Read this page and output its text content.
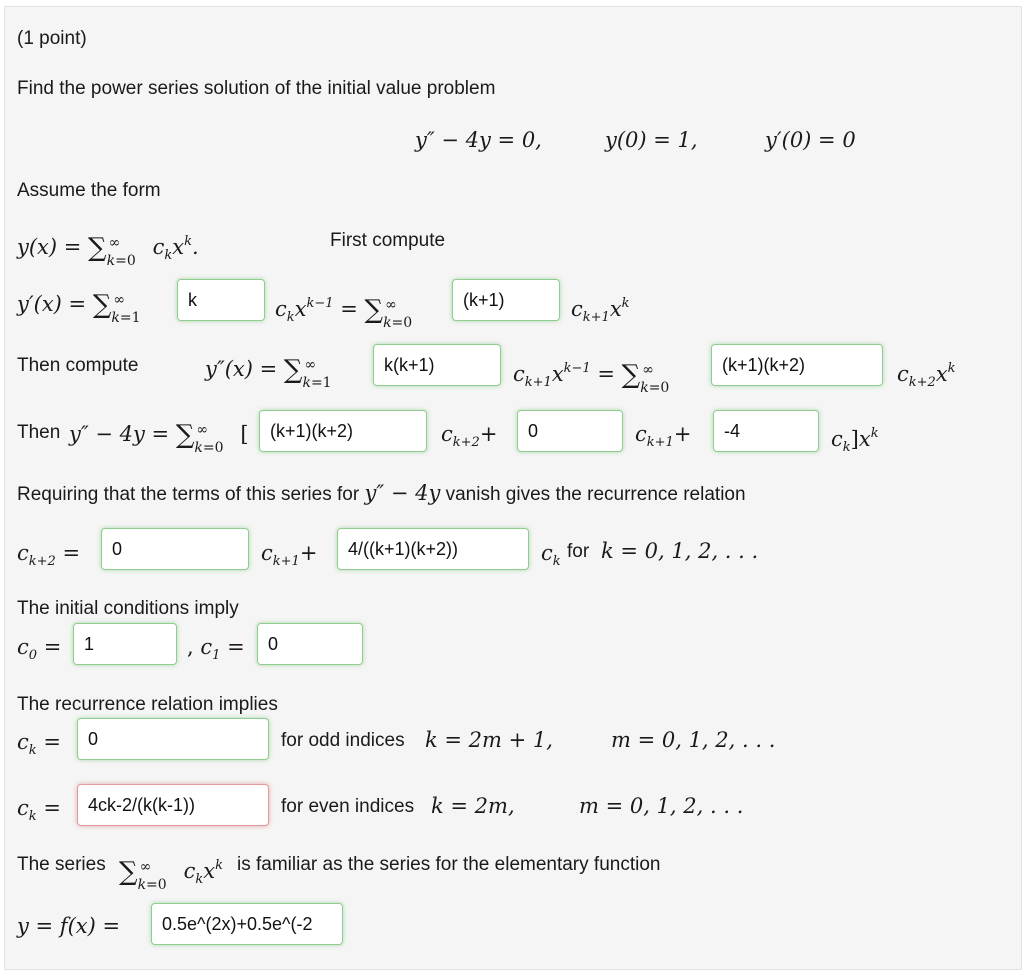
(1 point)
Find the power series solution of the initial value problem
y″ − 4y = 0,	y(0) = 1,	y′(0) = 0
Assume the form
y(x) = ∑ ∞
k=0
$c_kx^k$.	First compute
y′(x) = ∑ ∞
k=1
k	$c_kx^{k-1}$ = ∑ ∞
k=0
(k+1)	$c_{k+1}x^k$
Then compute	y″(x) = ∑ ∞
k=1
k(k+1)	$c_{k+1}x^{k-1}$ = ∑ ∞
k=0
(k+1)(k+2)	$c_{k+2}x^k$
Then y″ − 4y = ∑ ∞
k=0
[	(k+1)(k+2)	$c_{k+2}+$	0	$c_{k+1}+$	-4	$c_k]x^k$
Requiring that the terms of this series for y″ − 4y vanish gives the recurrence relation
$c_{k+2}$ =	0	$c_{k+1}+$	4/((k+1)(k+2))	$c_k$ for k = 0, 1, 2, . . .
The initial conditions imply
$c_0$ =	1	, $c_1$ =	0
The recurrence relation implies
$c_k$ =	0	for odd indices k = 2m + 1,	m = 0, 1, 2, . . .
$c_k$ =	4ck-2/(k(k-1))	for even indices k = 2m,	m = 0, 1, 2, . . .
The series ∑ ∞
k=0
$c_kx^k$ is familiar as the series for the elementary function
y = f(x) =	0.5e^(2x)+0.5e^(-2
